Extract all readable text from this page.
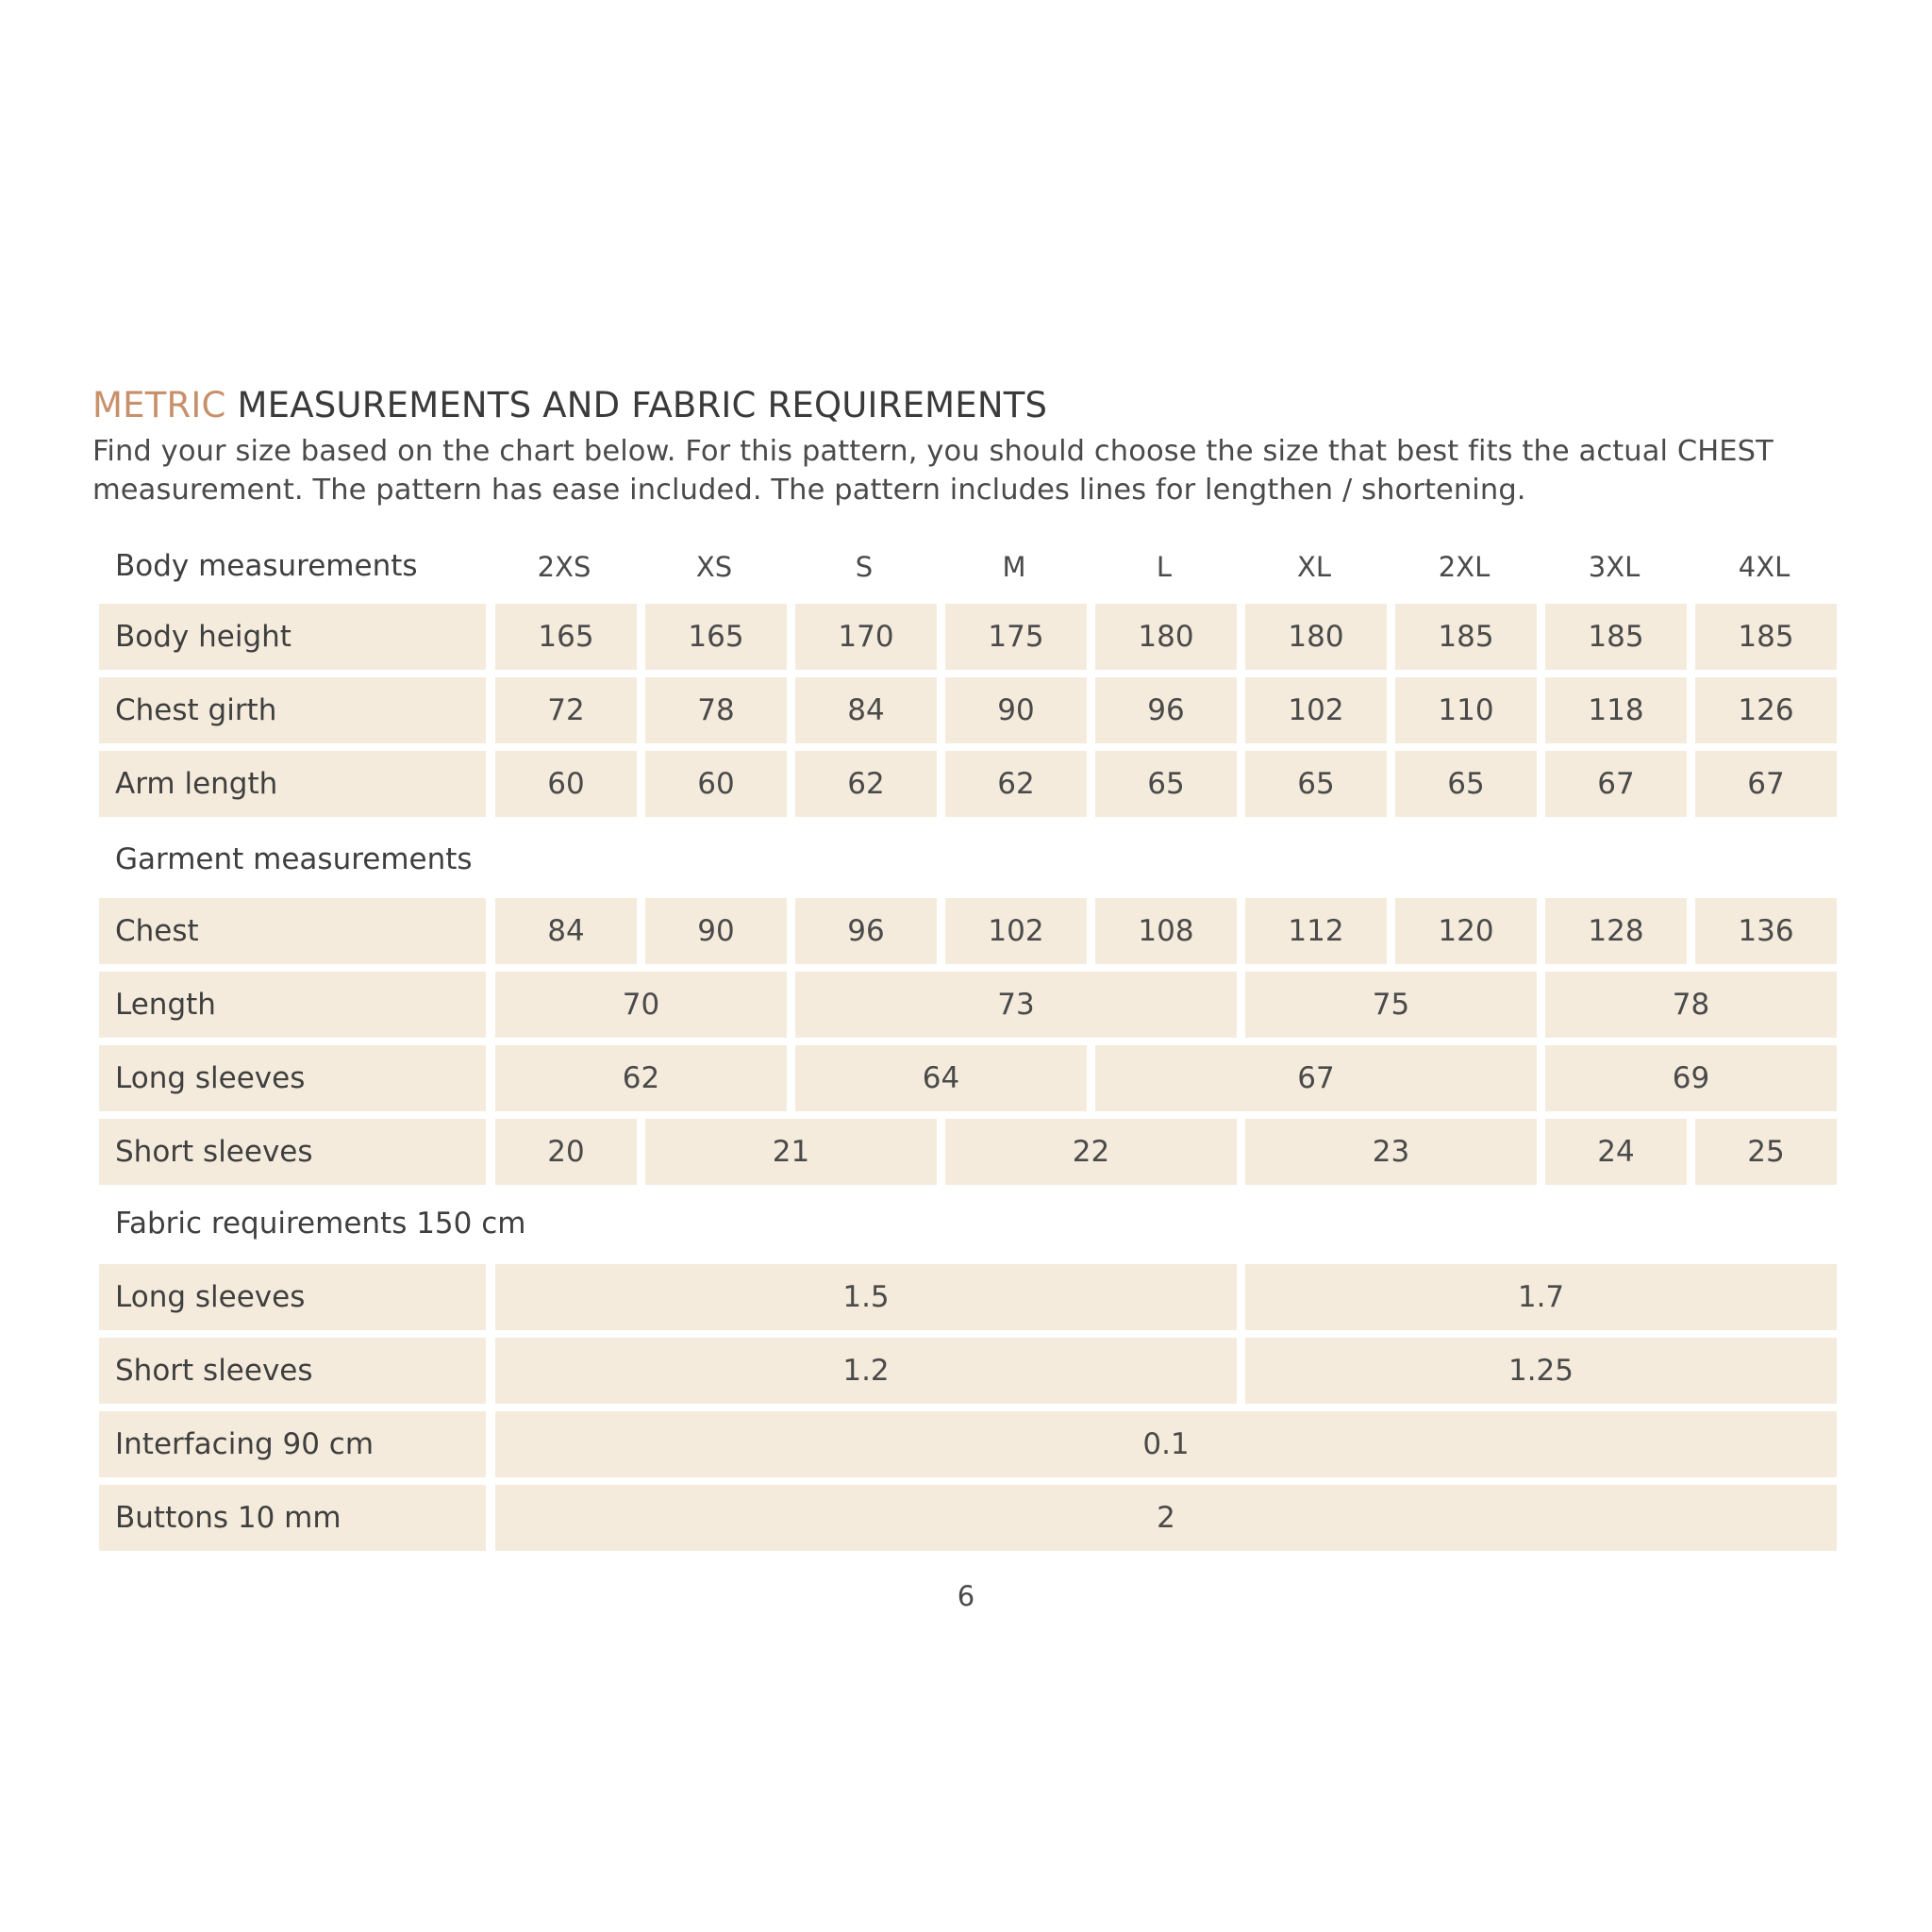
METRIC MEASUREMENTS AND FABRIC REQUIREMENTS
Find your size based on the chart below. For this pattern, you should choose the size that best fits the actual CHEST
measurement. The pattern has ease included. The pattern includes lines for lengthen / shortening.
Body measurements	2XS	XS	S	M	L	XL	2XL	3XL	4XL
Body height	165	165	170	175	180	180	185	185	185
Chest girth	72	78	84	90	96	102	110	118	126
Arm length	60	60	62	62	65	65	65	67	67
Garment measurements
Chest	84	90	96	102	108	112	120	128	136
Length	70	73	75	78
Long sleeves	62	64	67	69
Short sleeves	20	21	22	23	24	25
Fabric requirements 150 cm
Long sleeves	1.5	1.7
Short sleeves	1.2	1.25
Interfacing 90 cm	0.1
Buttons 10 mm	2
6
